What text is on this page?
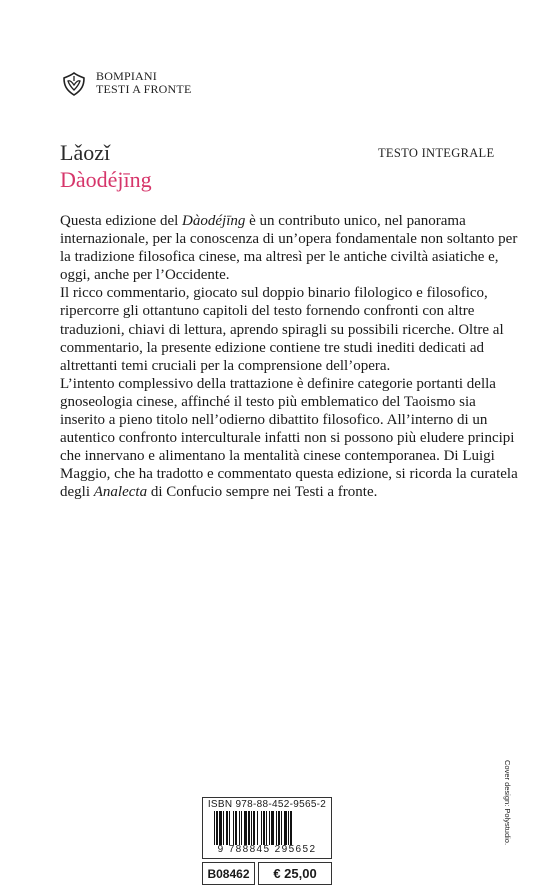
BOMPIANI
TESTI A FRONTE
TESTO INTEGRALE
Lǎozǐ
Dàodéjīng

Questa edizione del Dàodéjīng è un contributo unico, nel panorama internazionale, per la conoscenza di un’opera fondamentale non soltanto per la tradizione filosofica cinese, ma altresì per le antiche civiltà asiatiche e, oggi, anche per l’Occidente.

Il ricco commentario, giocato sul doppio binario filologico e filosofico, ripercorre gli ottantuno capitoli del testo fornendo confronti con altre traduzioni, chiavi di lettura, aprendo spiragli su possibili ricerche. Oltre al commentario, la presente edizione contiene tre studi inediti dedicati ad altrettanti temi cruciali per la comprensione dell’opera.

L’intento complessivo della trattazione è definire categorie portanti della gnoseologia cinese, affinché il testo più emblematico del Taoismo sia inserito a pieno titolo nell’odierno dibattito filosofico. All’interno di un autentico confronto interculturale infatti non si possono più eludere principi che innervano e alimentano la mentalità cinese contemporanea. Di Luigi Maggio, che ha tradotto e commentato questa edizione, si ricorda la curatela degli Analecta di Confucio sempre nei Testi a fronte.

Cover design: Polystudio.
ISBN 978-88-452-9565-2
9 788845 295652
B08462	€ 25,00
